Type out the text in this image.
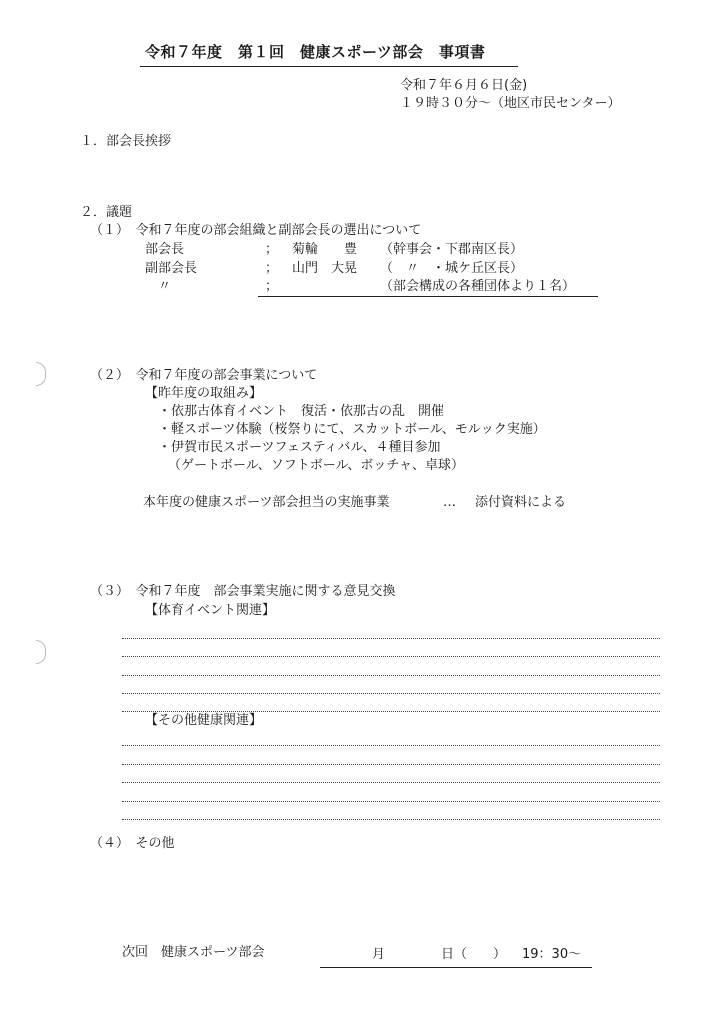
令和７年度　第１回　健康スポーツ部会　事項書
令和７年６月６日(金)
１９時３０分～（地区市民センター）
１．部会長挨拶
２．議題
（１）　令和７年度の部会組織と副部会長の選出について
部会長	； 菊輪　　豊 （幹事会・下郡南区長）
副部会長	； 山門　大晃 （　〃　・城ケ丘区長）
〃	；	（部会構成の各種団体より１名）
（２）　令和７年度の部会事業について
【昨年度の取組み】
・依那古体育イベント　復活・依那古の乱　開催
・軽スポーツ体験（桜祭りにて、スカットボール、モルック実施）
・伊賀市民スポーツフェスティバル、４種目参加
（ゲートボール、ソフトボール、ボッチャ、卓球）
本年度の健康スポーツ部会担当の実施事業	… 添付資料による
（３）　令和７年度　部会事業実施に関する意見交換
【体育イベント関連】
【その他健康関連】
（４）　その他
次回　健康スポーツ部会	月	日（　　） 19：30～
